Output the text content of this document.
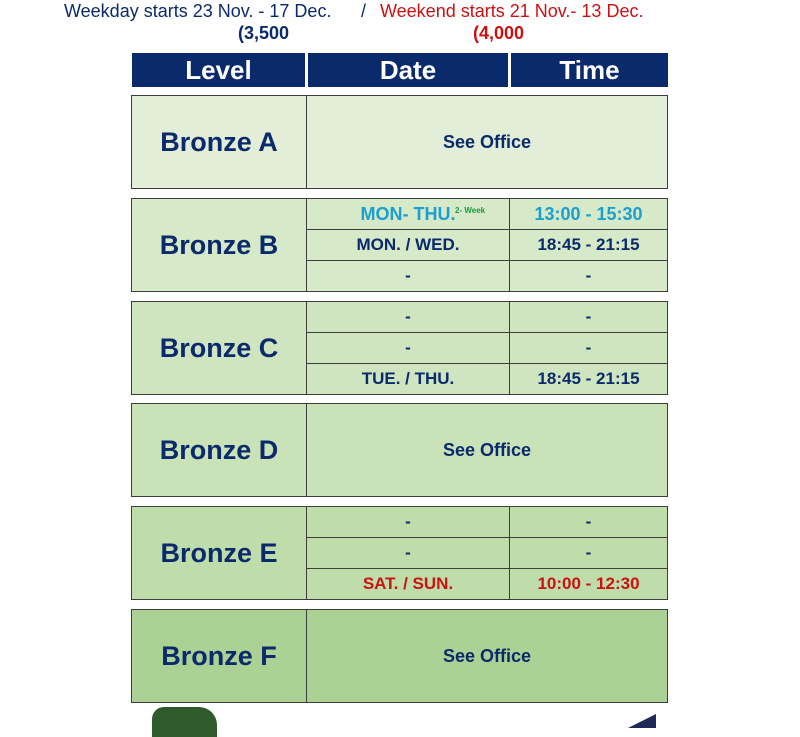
Weekday starts 23 Nov. - 17 Dec. / Weekend starts 21 Nov.- 13 Dec.
(3,500	(4,000
Level	Date	Time
Bronze A	See Office
Bronze B
MON- THU. 2- Week	13:00 - 15:30
MON. / WED.	18:45 - 21:15
-	-
Bronze C
-	-
-	-
TUE. / THU.	18:45 - 21:15
Bronze D	See Office
Bronze E
-	-
-	-
SAT. / SUN.	10:00 - 12:30
Bronze F	See Office
